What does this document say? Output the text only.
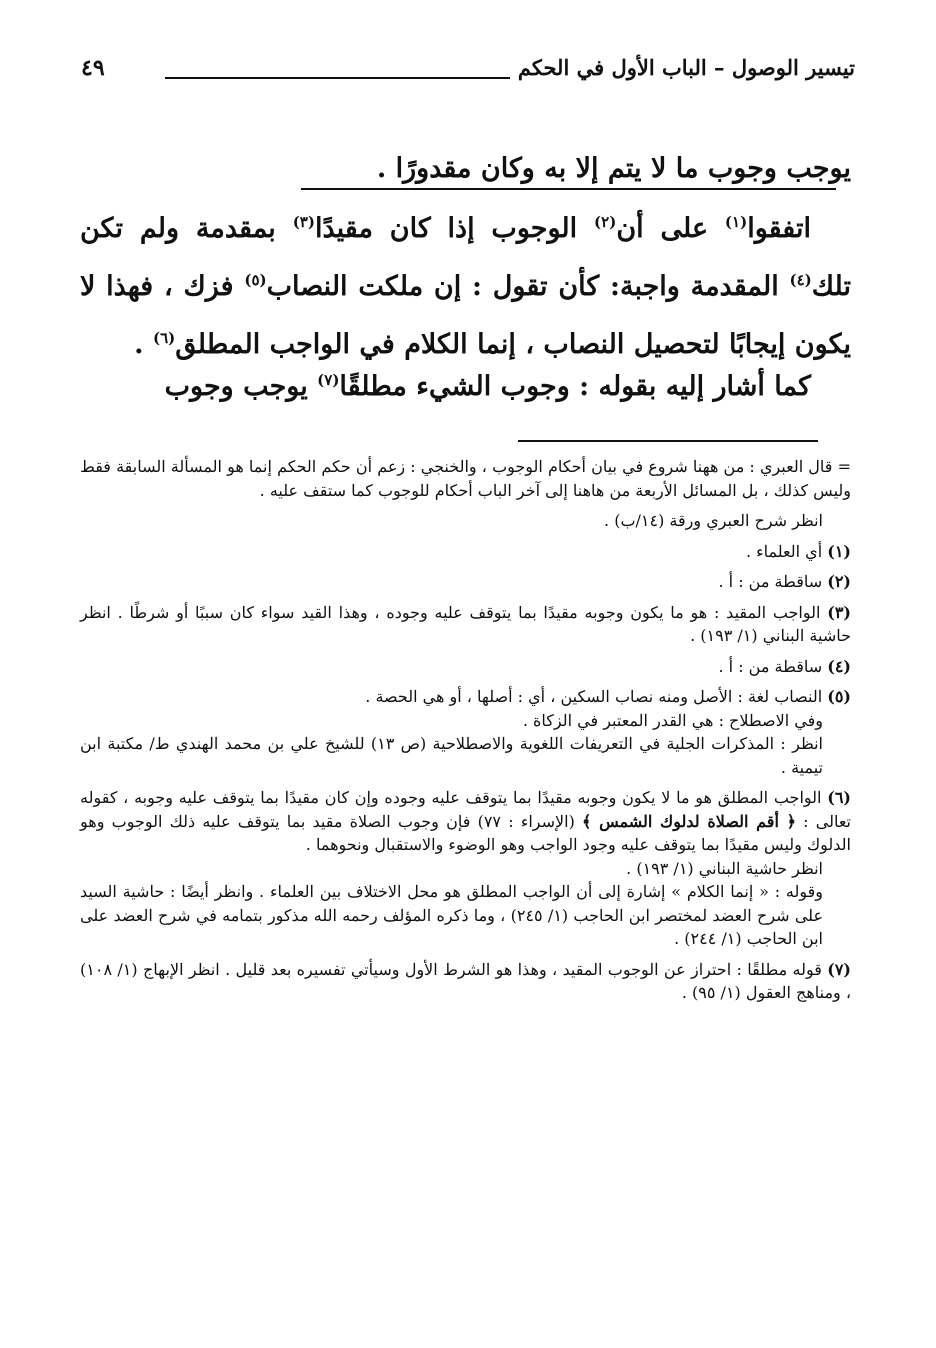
تيسير الوصول – الباب الأول في الحكم
٤٩
يوجب وجوب ما لا يتم إلا به وكان مقدورًا .

اتفقوا$^{(١)}$ على أن$^{(٢)}$ الوجوب إذا كان مقيدًا$^{(٣)}$ بمقدمة ولم تكن تلك$^{(٤)}$ المقدمة واجبة: كأن تقول : إن ملكت النصاب$^{(٥)}$ فزك ، فهذا لا يكون إيجابًا لتحصيل النصاب ، إنما الكلام في الواجب المطلق$^{(٦)}$ .

كما أشار إليه بقوله : وجوب الشيء مطلقًا$^{(٧)}$ يوجب وجوب

= قال العبري : من ههنا شروع في بيان أحكام الوجوب ، والخنجي : زعم أن حكم الحكم إنما هو المسألة السابقة فقط وليس كذلك ، بل المسائل الأربعة من هاهنا إلى آخر الباب أحكام للوجوب كما ستقف عليه .

انظر شرح العبري ورقة (١٤/ب) .

(١) أي العلماء .

(٢) ساقطة من : أ .

(٣) الواجب المقيد : هو ما يكون وجوبه مقيدًا بما يتوقف عليه وجوده ، وهذا القيد سواء كان سببًا أو شرطًا . انظر حاشية البناني (١/ ١٩٣) .

(٤) ساقطة من : أ .

(٥) النصاب لغة : الأصل ومنه نصاب السكين ، أي : أصلها ، أو هي الحصة .

وفي الاصطلاح : هي القدر المعتبر في الزكاة .

انظر : المذكرات الجلية في التعريفات اللغوية والاصطلاحية (ص ١٣) للشيخ علي بن محمد الهندي ط/ مكتبة ابن تيمية .

(٦) الواجب المطلق هو ما لا يكون وجوبه مقيدًا بما يتوقف عليه وجوده وإن كان مقيدًا بما يتوقف عليه وجوبه ، كقوله تعالى : ﴿ أقم الصلاة لدلوك الشمس ﴾ (الإسراء : ٧٧) فإن وجوب الصلاة مقيد بما يتوقف عليه ذلك الوجوب وهو الدلوك وليس مقيدًا بما يتوقف عليه وجود الواجب وهو الوضوء والاستقبال ونحوهما .

انظر حاشية البناني (١/ ١٩٣) .

وقوله : « إنما الكلام » إشارة إلى أن الواجب المطلق هو محل الاختلاف بين العلماء . وانظر أيضًا : حاشية السيد على شرح العضد لمختصر ابن الحاجب (١/ ٢٤٥) ، وما ذكره المؤلف رحمه الله مذكور بتمامه في شرح العضد على ابن الحاجب (١/ ٢٤٤) .

(٧) قوله مطلقًا : احتراز عن الوجوب المقيد ، وهذا هو الشرط الأول وسيأتي تفسيره بعد قليل . انظر الإبهاج (١/ ١٠٨) ، ومناهج العقول (١/ ٩٥) .
